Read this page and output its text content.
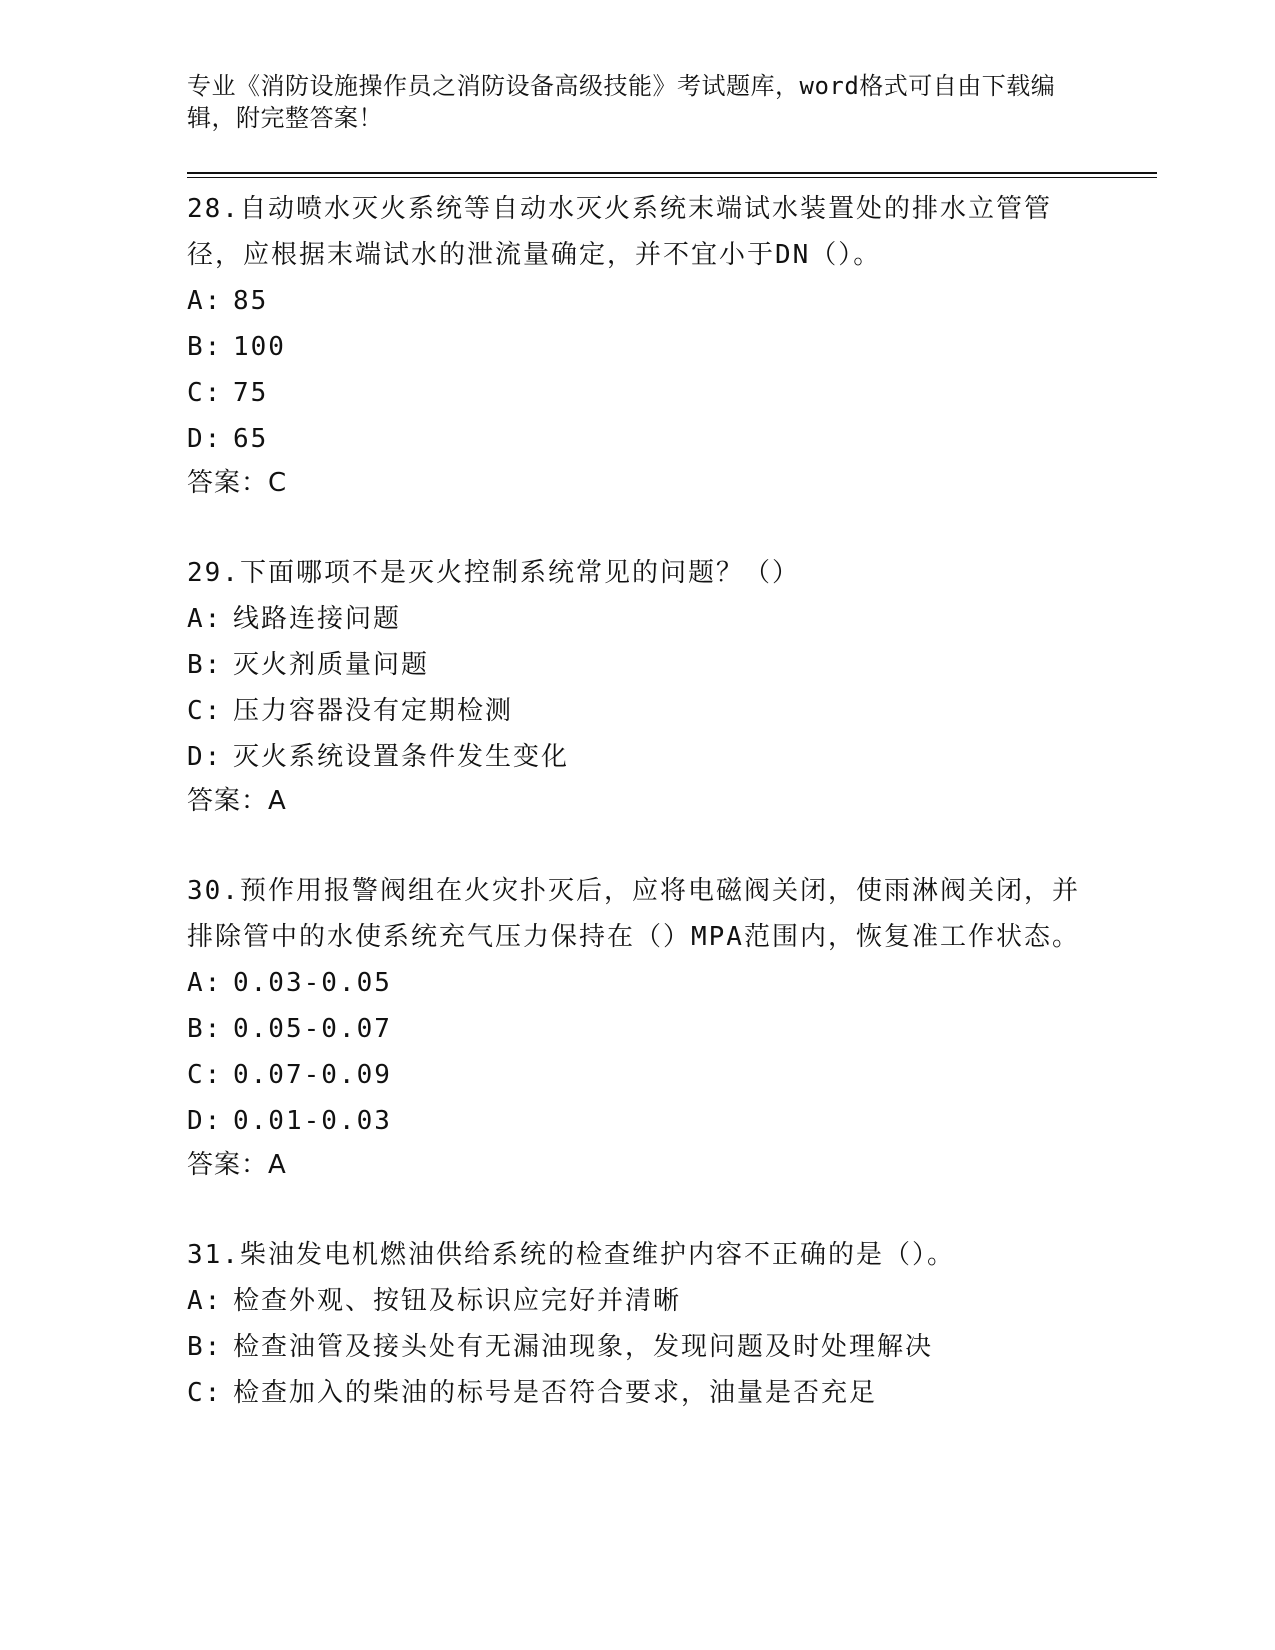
专业《消防设施操作员之消防设备高级技能》考试题库，word格式可自由下载编辑，附完整答案！

28.自动喷水灭火系统等自动水灭火系统末端试水装置处的排水立管管径，应根据末端试水的泄流量确定，并不宜小于DN（）。

A: 85
B: 100
C: 75
D: 65

答案：C

29.下面哪项不是灭火控制系统常见的问题？（）

A: 线路连接问题
B: 灭火剂质量问题
C: 压力容器没有定期检测
D: 灭火系统设置条件发生变化

答案：A

30.预作用报警阀组在火灾扑灭后，应将电磁阀关闭，使雨淋阀关闭，并排除管中的水使系统充气压力保持在（）MPA范围内，恢复准工作状态。

A: 0.03-0.05
B: 0.05-0.07
C: 0.07-0.09
D: 0.01-0.03

答案：A

31.柴油发电机燃油供给系统的检查维护内容不正确的是（）。

A: 检查外观、按钮及标识应完好并清晰
B: 检查油管及接头处有无漏油现象，发现问题及时处理解决
C: 检查加入的柴油的标号是否符合要求，油量是否充足
